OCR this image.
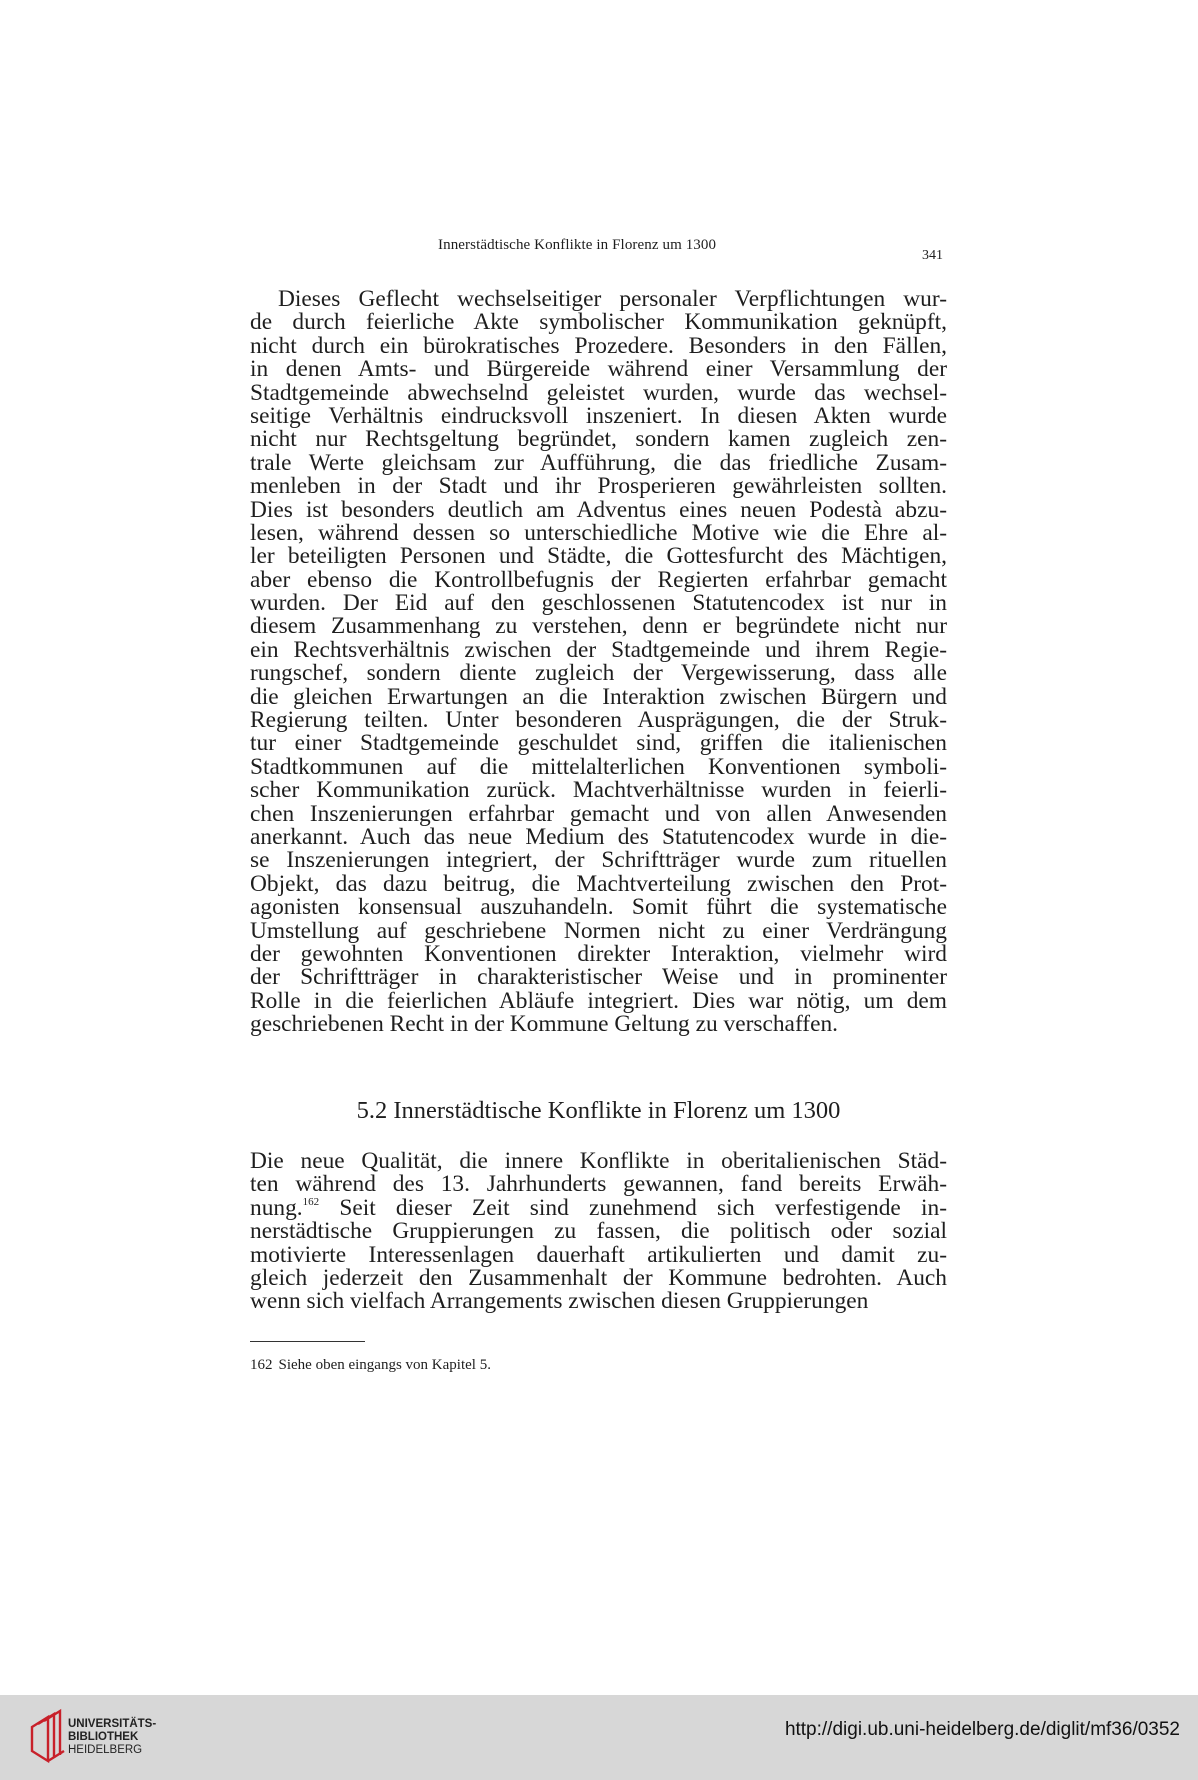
Innerstädtische Konflikte in Florenz um 1300
341

Dieses Geflecht wechselseitiger personaler Verpflichtungen wur-

de durch feierliche Akte symbolischer Kommunikation geknüpft,

nicht durch ein bürokratisches Prozedere. Besonders in den Fällen,

in denen Amts- und Bürgereide während einer Versammlung der

Stadtgemeinde abwechselnd geleistet wurden, wurde das wechsel-

seitige Verhältnis eindrucksvoll inszeniert. In diesen Akten wurde

nicht nur Rechtsgeltung begründet, sondern kamen zugleich zen-

trale Werte gleichsam zur Aufführung, die das friedliche Zusam-

menleben in der Stadt und ihr Prosperieren gewährleisten sollten.

Dies ist besonders deutlich am Adventus eines neuen Podestà abzu-

lesen, während dessen so unterschiedliche Motive wie die Ehre al-

ler beteiligten Personen und Städte, die Gottesfurcht des Mächtigen,

aber ebenso die Kontrollbefugnis der Regierten erfahrbar gemacht

wurden. Der Eid auf den geschlossenen Statutencodex ist nur in

diesem Zusammenhang zu verstehen, denn er begründete nicht nur

ein Rechtsverhältnis zwischen der Stadtgemeinde und ihrem Regie-

rungschef, sondern diente zugleich der Vergewisserung, dass alle

die gleichen Erwartungen an die Interaktion zwischen Bürgern und

Regierung teilten. Unter besonderen Ausprägungen, die der Struk-

tur einer Stadtgemeinde geschuldet sind, griffen die italienischen

Stadtkommunen auf die mittelalterlichen Konventionen symboli-

scher Kommunikation zurück. Machtverhältnisse wurden in feierli-

chen Inszenierungen erfahrbar gemacht und von allen Anwesenden

anerkannt. Auch das neue Medium des Statutencodex wurde in die-

se Inszenierungen integriert, der Schriftträger wurde zum rituellen

Objekt, das dazu beitrug, die Machtverteilung zwischen den Prot-

agonisten konsensual auszuhandeln. Somit führt die systematische

Umstellung auf geschriebene Normen nicht zu einer Verdrängung

der gewohnten Konventionen direkter Interaktion, vielmehr wird

der Schriftträger in charakteristischer Weise und in prominenter

Rolle in die feierlichen Abläufe integriert. Dies war nötig, um dem

geschriebenen Recht in der Kommune Geltung zu verschaffen.

5.2 Innerstädtische Konflikte in Florenz um 1300

Die neue Qualität, die innere Konflikte in oberitalienischen Städ-

ten während des 13. Jahrhunderts gewannen, fand bereits Erwäh-

nung.$^{162}$ Seit dieser Zeit sind zunehmend sich verfestigende in-

nerstädtische Gruppierungen zu fassen, die politisch oder sozial

motivierte Interessenlagen dauerhaft artikulierten und damit zu-

gleich jederzeit den Zusammenhalt der Kommune bedrohten. Auch

wenn sich vielfach Arrangements zwischen diesen Gruppierungen

162 Siehe oben eingangs von Kapitel 5.
UNIVERSITÄTS-
BIBLIOTHEK
HEIDELBERG
http://digi.ub.uni-heidelberg.de/diglit/mf36/0352
